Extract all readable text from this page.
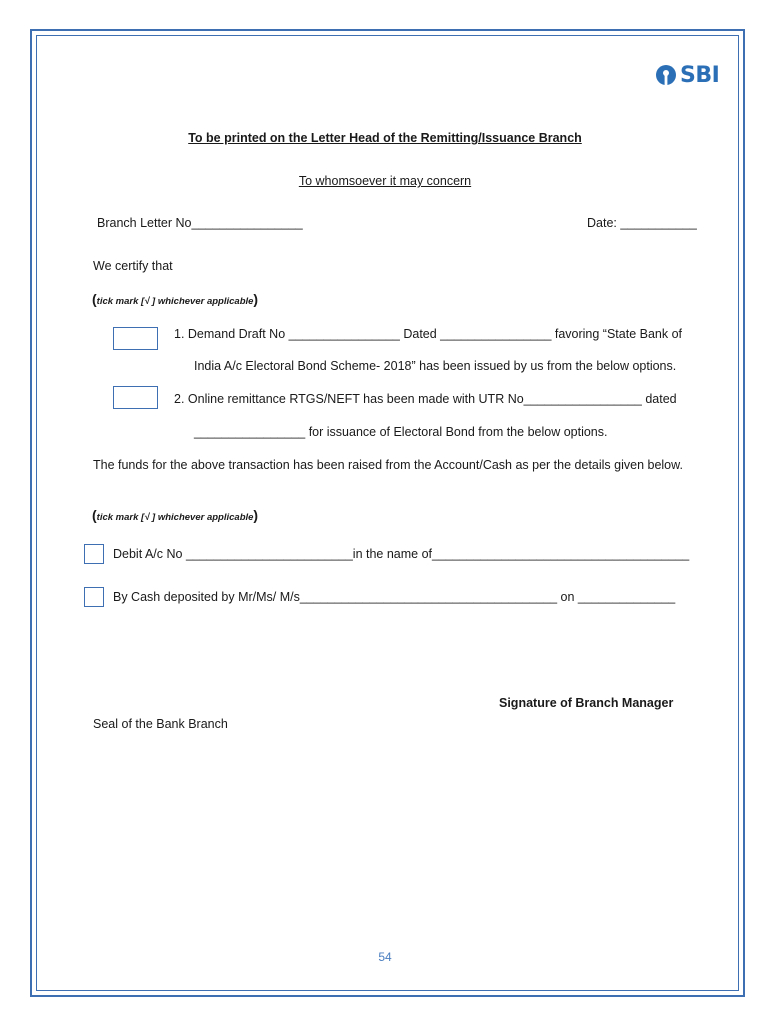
SBI
To be printed on the Letter Head of the Remitting/Issuance Branch
To whomsoever it may concern
Branch Letter No________________	Date: ___________
We certify that
(tick mark [√ ] whichever applicable)
1. Demand Draft No ________________ Dated ________________ favoring “State Bank of
India A/c Electoral Bond Scheme- 2018” has been issued by us from the below options.
2. Online remittance RTGS/NEFT has been made with UTR No_________________ dated
________________ for issuance of Electoral Bond from the below options.
The funds for the above transaction has been raised from the Account/Cash as per the details given below.
(tick mark [√ ] whichever applicable)
Debit A/c No ________________________in the name of_____________________________________
By Cash deposited by Mr/Ms/ M/s_____________________________________ on ______________
Signature of Branch Manager
Seal of the Bank Branch
54
